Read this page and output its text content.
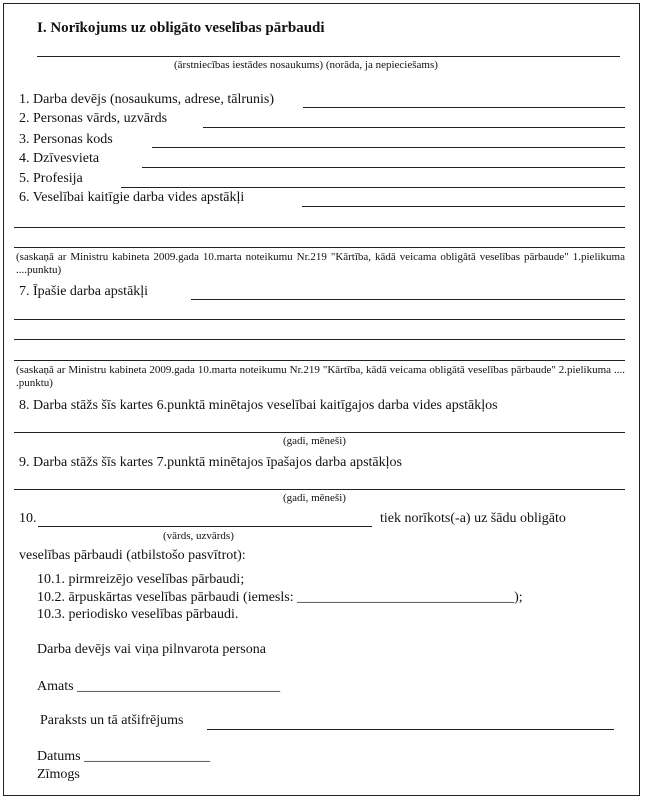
I. Norīkojums uz obligāto veselības pārbaudi
(ārstniecības iestādes nosaukums) (norāda, ja nepieciešams)
1. Darba devējs (nosaukums, adrese, tālrunis)
2. Personas vārds, uzvārds
3. Personas kods
4. Dzīvesvieta
5. Profesija
6. Veselībai kaitīgie darba vides apstākļi
(saskaņā ar Ministru kabineta 2009.gada 10.marta noteikumu Nr.219 "Kārtība, kādā veicama obligātā veselības pārbaude" 1.pielikuma ....punktu)
7. Īpašie darba apstākļi
(saskaņā ar Ministru kabineta 2009.gada 10.marta noteikumu Nr.219 "Kārtība, kādā veicama obligātā veselības pārbaude" 2.pielikuma .... .punktu)
8. Darba stāžs šīs kartes 6.punktā minētajos veselībai kaitīgajos darba vides apstākļos
(gadi, mēneši)
9. Darba stāžs šīs kartes 7.punktā minētajos īpašajos darba apstākļos
(gadi, mēneši)
10.	tiek norīkots(-a) uz šādu obligāto
(vārds, uzvārds)
veselības pārbaudi (atbilstošo pasvītrot):
10.1. pirmreizējo veselības pārbaudi;
10.2. ārpuskārtas veselības pārbaudi (iemesls: _______________________________);
10.3. periodisko veselības pārbaudi.
Darba devējs vai viņa pilnvarota persona
Amats _____________________________
Paraksts un tā atšifrējums
Datums __________________
Zīmogs
